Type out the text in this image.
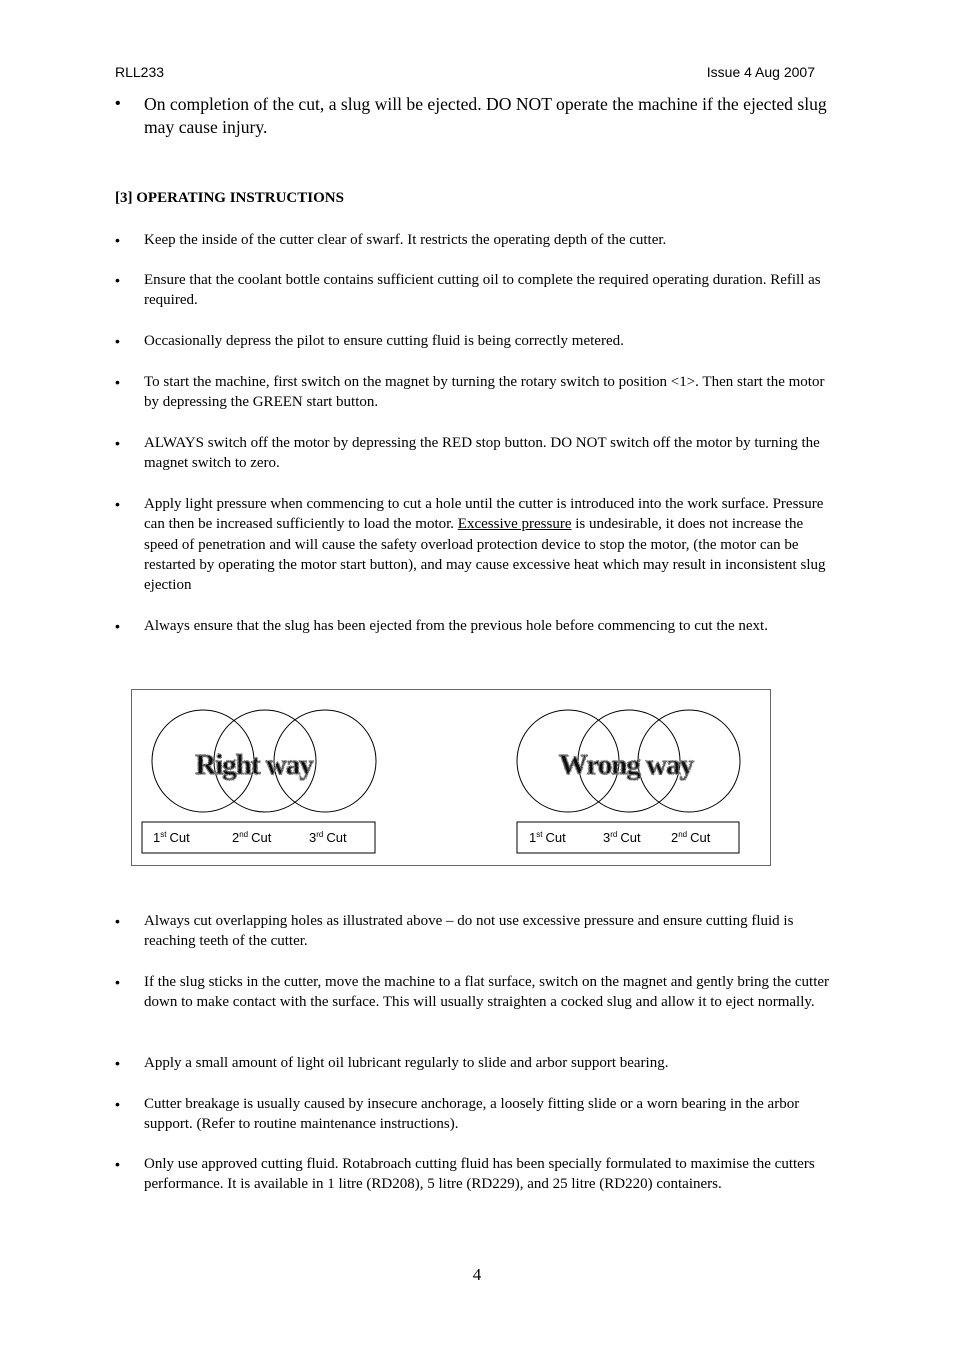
RLL233	Issue 4 Aug 2007
• On completion of the cut, a slug will be ejected. DO NOT operate the machine if the ejected slug may cause injury.
[3] OPERATING INSTRUCTIONS
• Keep the inside of the cutter clear of swarf. It restricts the operating depth of the cutter.
• Ensure that the coolant bottle contains sufficient cutting oil to complete the required operating duration. Refill as required.
• Occasionally depress the pilot to ensure cutting fluid is being correctly metered.
• To start the machine, first switch on the magnet by turning the rotary switch to position <1>. Then start the motor by depressing the GREEN start button.
• ALWAYS switch off the motor by depressing the RED stop button. DO NOT switch off the motor by turning the magnet switch to zero.
• Apply light pressure when commencing to cut a hole until the cutter is introduced into the work surface. Pressure can then be increased sufficiently to load the motor. Excessive pressure is undesirable, it does not increase the speed of penetration and will cause the safety overload protection device to stop the motor, (the motor can be restarted by operating the motor start button), and may cause excessive heat which may result in inconsistent slug ejection
• Always ensure that the slug has been ejected from the previous hole before commencing to cut the next.
Right way	Wrong way
1st Cut	2nd Cut	3rd Cut	1st Cut	3rd Cut 2nd Cut
• Always cut overlapping holes as illustrated above – do not use excessive pressure and ensure cutting fluid is reaching teeth of the cutter.
• If the slug sticks in the cutter, move the machine to a flat surface, switch on the magnet and gently bring the cutter down to make contact with the surface. This will usually straighten a cocked slug and allow it to eject normally.
• Apply a small amount of light oil lubricant regularly to slide and arbor support bearing.
• Cutter breakage is usually caused by insecure anchorage, a loosely fitting slide or a worn bearing in the arbor support. (Refer to routine maintenance instructions).
• Only use approved cutting fluid. Rotabroach cutting fluid has been specially formulated to maximise the cutters performance. It is available in 1 litre (RD208), 5 litre (RD229), and 25 litre (RD220) containers.
4
